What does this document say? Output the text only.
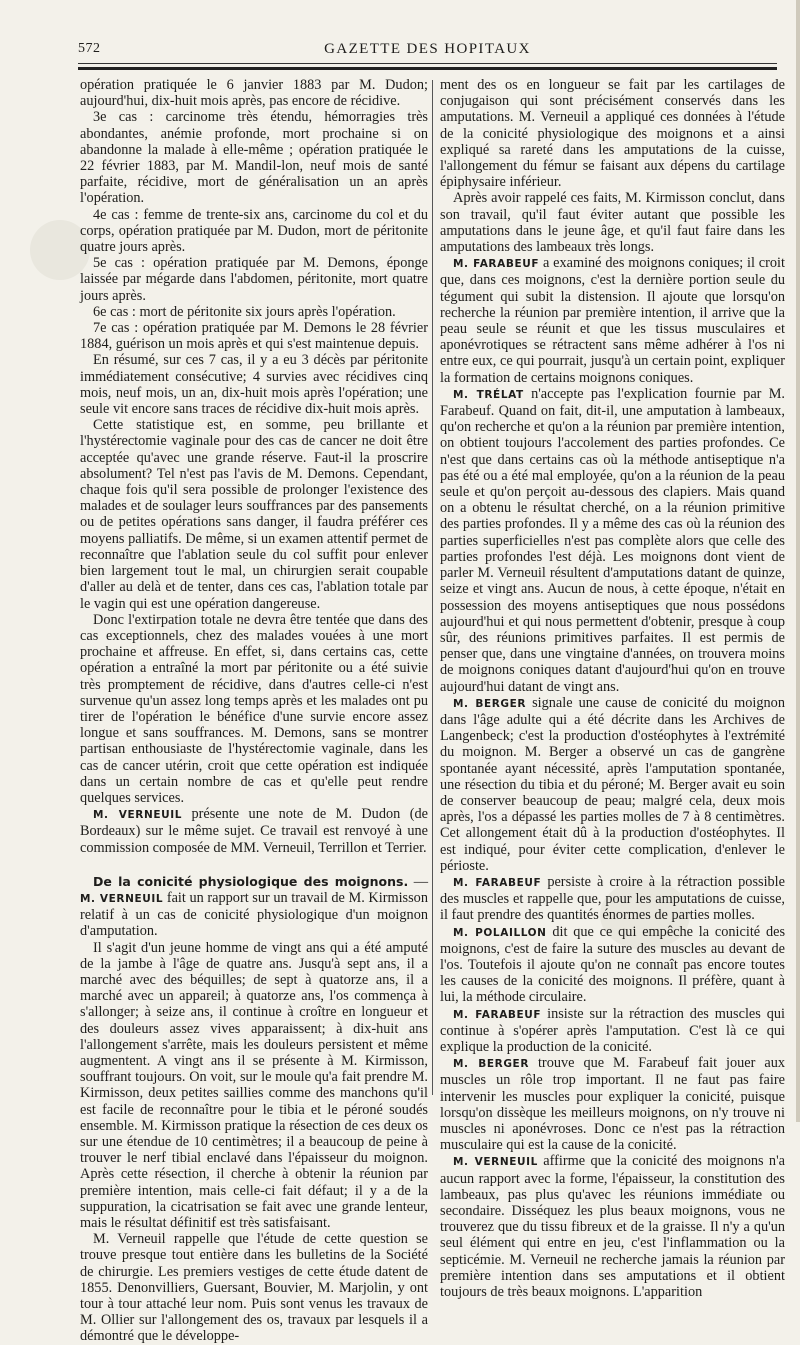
572	GAZETTE DES HOPITAUX

opération pratiquée le 6 janvier 1883 par M. Dudon; aujourd'hui, dix-huit mois après, pas encore de récidive.

3e cas : carcinome très étendu, hémorragies très abondantes, anémie profonde, mort prochaine si on abandonne la malade à elle-même ; opération pratiquée le 22 février 1883, par M. Mandil-lon, neuf mois de santé parfaite, récidive, mort de généralisation un an après l'opération.

4e cas : femme de trente-six ans, carcinome du col et du corps, opération pratiquée par M. Dudon, mort de péritonite quatre jours après.

5e cas : opération pratiquée par M. Demons, éponge laissée par mégarde dans l'abdomen, péritonite, mort quatre jours après.

6e cas : mort de péritonite six jours après l'opération.

7e cas : opération pratiquée par M. Demons le 28 février 1884, guérison un mois après et qui s'est maintenue depuis.

En résumé, sur ces 7 cas, il y a eu 3 décès par péritonite immédiatement consécutive; 4 survies avec récidives cinq mois, neuf mois, un an, dix-huit mois après l'opération; une seule vit encore sans traces de récidive dix-huit mois après.

Cette statistique est, en somme, peu brillante et l'hystérectomie vaginale pour des cas de cancer ne doit être acceptée qu'avec une grande réserve. Faut-il la proscrire absolument? Tel n'est pas l'avis de M. Demons. Cependant, chaque fois qu'il sera possible de prolonger l'existence des malades et de soulager leurs souffrances par des pansements ou de petites opérations sans danger, il faudra préférer ces moyens palliatifs. De même, si un examen attentif permet de reconnaître que l'ablation seule du col suffit pour enlever bien largement tout le mal, un chirurgien serait coupable d'aller au delà et de tenter, dans ces cas, l'ablation totale par le vagin qui est une opération dangereuse.

Donc l'extirpation totale ne devra être tentée que dans des cas exceptionnels, chez des malades vouées à une mort prochaine et affreuse. En effet, si, dans certains cas, cette opération a entraîné la mort par péritonite ou a été suivie très promptement de récidive, dans d'autres celle-ci n'est survenue qu'un assez long temps après et les malades ont pu tirer de l'opération le bénéfice d'une survie encore assez longue et sans souffrances. M. Demons, sans se montrer partisan enthousiaste de l'hystérectomie vaginale, dans les cas de cancer utérin, croit que cette opération est indiquée dans un certain nombre de cas et qu'elle peut rendre quelques services.

M. VERNEUIL présente une note de M. Dudon (de Bordeaux) sur le même sujet. Ce travail est renvoyé à une commission composée de MM. Verneuil, Terrillon et Terrier.

De la conicité physiologique des moignons. — M. VERNEUIL fait un rapport sur un travail de M. Kirmisson relatif à un cas de conicité physiologique d'un moignon d'amputation.

Il s'agit d'un jeune homme de vingt ans qui a été amputé de la jambe à l'âge de quatre ans. Jusqu'à sept ans, il a marché avec des béquilles; de sept à quatorze ans, il a marché avec un appareil; à quatorze ans, l'os commença à s'allonger; à seize ans, il continue à croître en longueur et des douleurs assez vives apparaissent; à dix-huit ans l'allongement s'arrête, mais les douleurs persistent et même augmentent. A vingt ans il se présente à M. Kirmisson, souffrant toujours. On voit, sur le moule qu'a fait prendre M. Kirmisson, deux petites saillies comme des manchons qu'il est facile de reconnaître pour le tibia et le péroné soudés ensemble. M. Kirmisson pratique la résection de ces deux os sur une étendue de 10 centimètres; il a beaucoup de peine à trouver le nerf tibial enclavé dans l'épaisseur du moignon. Après cette résection, il cherche à obtenir la réunion par première intention, mais celle-ci fait défaut; il y a de la suppuration, la cicatrisation se fait avec une grande lenteur, mais le résultat définitif est très satisfaisant.

M. Verneuil rappelle que l'étude de cette question se trouve presque tout entière dans les bulletins de la Société de chirurgie. Les premiers vestiges de cette étude datent de 1855. Denonvilliers, Guersant, Bouvier, M. Marjolin, y ont tour à tour attaché leur nom. Puis sont venus les travaux de M. Ollier sur l'allongement des os, travaux par lesquels il a démontré que le développe-

ment des os en longueur se fait par les cartilages de conjugaison qui sont précisément conservés dans les amputations. M. Verneuil a appliqué ces données à l'étude de la conicité physiologique des moignons et a ainsi expliqué sa rareté dans les amputations de la cuisse, l'allongement du fémur se faisant aux dépens du cartilage épiphysaire inférieur.

Après avoir rappelé ces faits, M. Kirmisson conclut, dans son travail, qu'il faut éviter autant que possible les amputations dans le jeune âge, et qu'il faut faire dans les amputations des lambeaux très longs.

M. FARABEUF a examiné des moignons coniques; il croit que, dans ces moignons, c'est la dernière portion seule du tégument qui subit la distension. Il ajoute que lorsqu'on recherche la réunion par première intention, il arrive que la peau seule se réunit et que les tissus musculaires et aponévrotiques se rétractent sans même adhérer à l'os ni entre eux, ce qui pourrait, jusqu'à un certain point, expliquer la formation de certains moignons coniques.

M. TRÉLAT n'accepte pas l'explication fournie par M. Farabeuf. Quand on fait, dit-il, une amputation à lambeaux, qu'on recherche et qu'on a la réunion par première intention, on obtient toujours l'accolement des parties profondes. Ce n'est que dans certains cas où la méthode antiseptique n'a pas été ou a été mal employée, qu'on a la réunion de la peau seule et qu'on perçoit au-dessous des clapiers. Mais quand on a obtenu le résultat cherché, on a la réunion primitive des parties profondes. Il y a même des cas où la réunion des parties superficielles n'est pas complète alors que celle des parties profondes l'est déjà. Les moignons dont vient de parler M. Verneuil résultent d'amputations datant de quinze, seize et vingt ans. Aucun de nous, à cette époque, n'était en possession des moyens antiseptiques que nous possédons aujourd'hui et qui nous permettent d'obtenir, presque à coup sûr, des réunions primitives parfaites. Il est permis de penser que, dans une vingtaine d'années, on trouvera moins de moignons coniques datant d'aujourd'hui qu'on en trouve aujourd'hui datant de vingt ans.

M. BERGER signale une cause de conicité du moignon dans l'âge adulte qui a été décrite dans les Archives de Langenbeck; c'est la production d'ostéophytes à l'extrémité du moignon. M. Berger a observé un cas de gangrène spontanée ayant nécessité, après l'amputation spontanée, une résection du tibia et du péroné; M. Berger avait eu soin de conserver beaucoup de peau; malgré cela, deux mois après, l'os a dépassé les parties molles de 7 à 8 centimètres. Cet allongement était dû à la production d'ostéophytes. Il est indiqué, pour éviter cette complication, d'enlever le périoste.

M. FARABEUF persiste à croire à la rétraction possible des muscles et rappelle que, pour les amputations de cuisse, il faut prendre des quantités énormes de parties molles.

M. POLAILLON dit que ce qui empêche la conicité des moignons, c'est de faire la suture des muscles au devant de l'os. Toutefois il ajoute qu'on ne connaît pas encore toutes les causes de la conicité des moignons. Il préfère, quant à lui, la méthode circulaire.

M. FARABEUF insiste sur la rétraction des muscles qui continue à s'opérer après l'amputation. C'est là ce qui explique la production de la conicité.

M. BERGER trouve que M. Farabeuf fait jouer aux muscles un rôle trop important. Il ne faut pas faire intervenir les muscles pour expliquer la conicité, puisque lorsqu'on dissèque les meilleurs moignons, on n'y trouve ni muscles ni aponévroses. Donc ce n'est pas la rétraction musculaire qui est la cause de la conicité.

M. VERNEUIL affirme que la conicité des moignons n'a aucun rapport avec la forme, l'épaisseur, la constitution des lambeaux, pas plus qu'avec les réunions immédiate ou secondaire. Disséquez les plus beaux moignons, vous ne trouverez que du tissu fibreux et de la graisse. Il n'y a qu'un seul élément qui entre en jeu, c'est l'inflammation ou la septicémie. M. Verneuil ne recherche jamais la réunion par première intention dans ses amputations et il obtient toujours de très beaux moignons. L'apparition
